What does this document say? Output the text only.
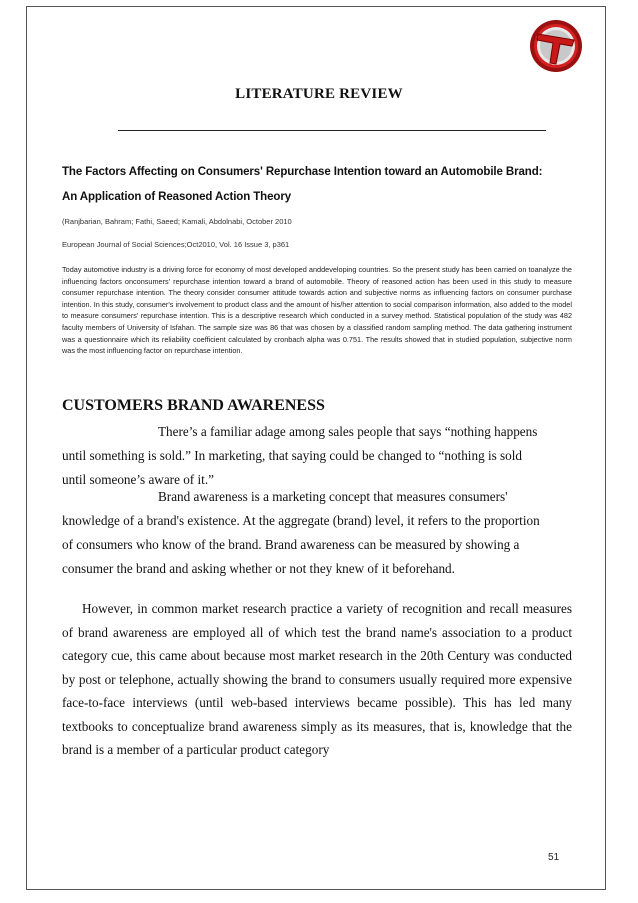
LITERATURE REVIEW
The Factors Affecting on Consumers' Repurchase Intention toward an Automobile Brand:
An Application of Reasoned Action Theory
(Ranjbarian, Bahram; Fathi, Saeed; Kamali, Abdolnabi, October 2010
European Journal of Social Sciences;Oct2010, Vol. 16 Issue 3, p361
Today automotive industry is a driving force for economy of most developed anddeveloping countries. So the present study has been carried on toanalyze the influencing factors onconsumers' repurchase intention toward a brand of automobile. Theory of reasoned action has been used in this study to measure consumer repurchase intention. The theory consider consumer attitude towards action and subjective norms as influencing factors on consumer purchase intention. In this study, consumer's involvement to product class and the amount of his/her attention to social comparison information, also added to the model to measure consumers' repurchase intention. This is a descriptive research which conducted in a survey method. Statistical population of the study was 482 faculty members of University of Isfahan. The sample size was 86 that was chosen by a classified random sampling method. The data gathering instrument was a questionnaire which its reliability coefficient calculated by cronbach alpha was 0.751. The results showed that in studied population, subjective norm was the most influencing factor on repurchase intention.
CUSTOMERS BRAND AWARENESS
There’s a familiar adage among sales people that says “nothing happens until something is sold.” In marketing, that saying could be changed to “nothing is sold until someone’s aware of it.”
Brand awareness is a marketing concept that measures consumers' knowledge of a brand's existence. At the aggregate (brand) level, it refers to the proportion of consumers who know of the brand. Brand awareness can be measured by showing a consumer the brand and asking whether or not they knew of it beforehand.
However, in common market research practice a variety of recognition and recall measures of brand awareness are employed all of which test the brand name's association to a product category cue, this came about because most market research in the 20th Century was conducted by post or telephone, actually showing the brand to consumers usually required more expensive face-to-face interviews (until web-based interviews became possible). This has led many textbooks to conceptualize brand awareness simply as its measures, that is, knowledge that the brand is a member of a particular product category
51
